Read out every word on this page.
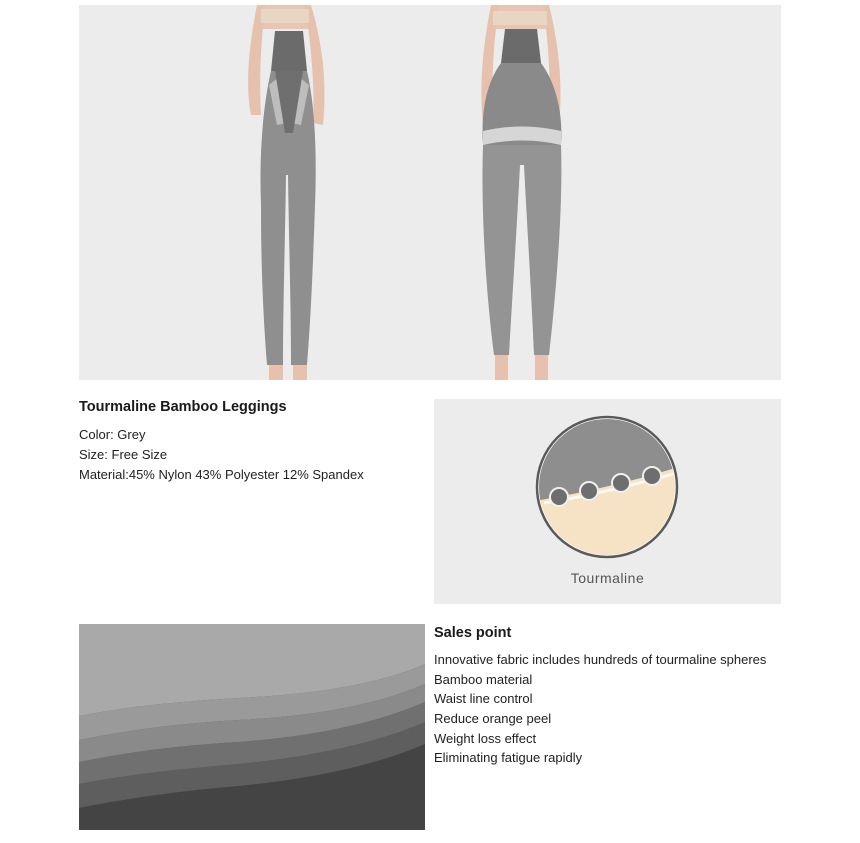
Tourmaline Bamboo Leggings
Color: Grey
Size: Free Size
Material:45% Nylon 43% Polyester 12% Spandex
Tourmaline
Sales point
Innovative fabric includes hundreds of tourmaline spheres
Bamboo material
Waist line control
Reduce orange peel
Weight loss effect
Eliminating fatigue rapidly
